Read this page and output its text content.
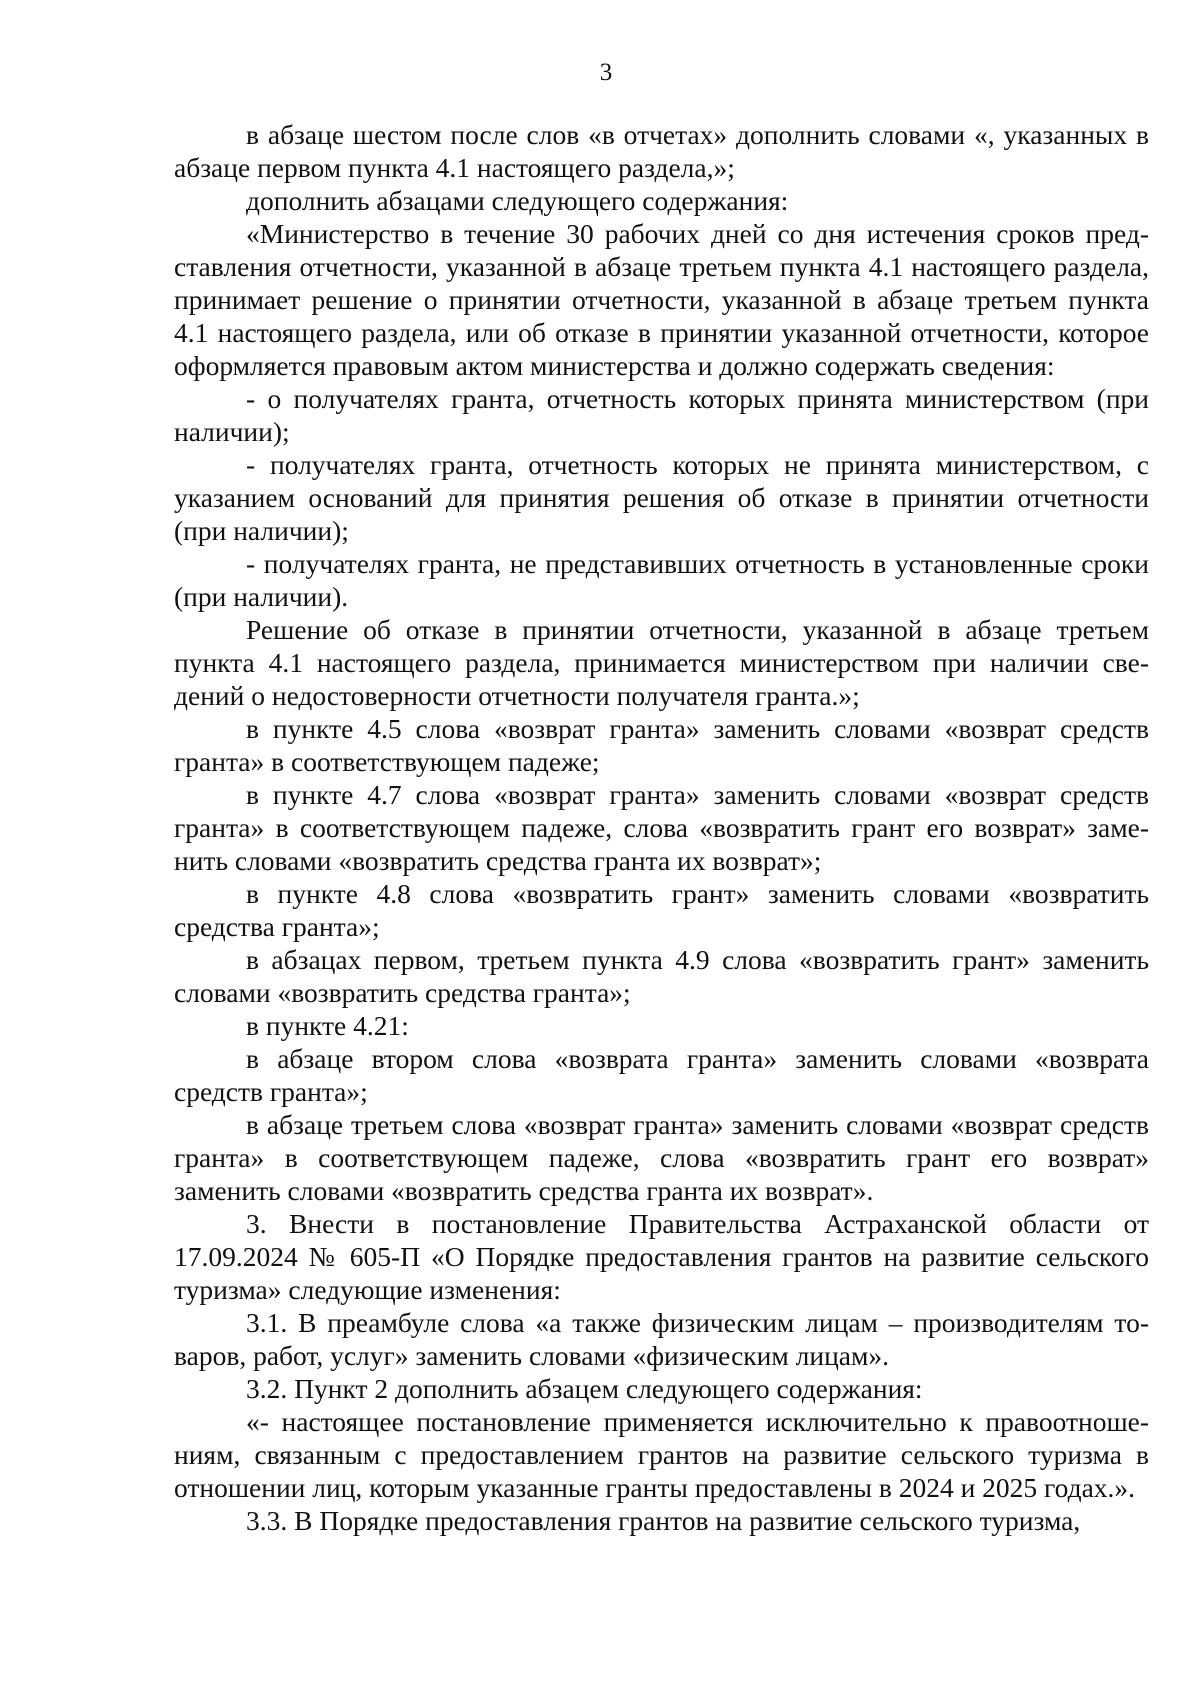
3

в абзаце шестом после слов «в отчетах» дополнить словами «, указанных в абзаце первом пункта 4.1 настоящего раздела,»;

дополнить абзацами следующего содержания:

«Министерство в течение 30 рабочих дней со дня истечения сроков представления отчетности, указанной в абзаце третьем пункта 4.1 настоящего раздела, принимает решение о принятии отчетности, указанной в абзаце третьем пункта 4.1 настоящего раздела, или об отказе в принятии указанной отчетности, которое оформляется правовым актом министерства и должно содержать сведения:

- о получателях гранта, отчетность которых принята министерством (при наличии);

- получателях гранта, отчетность которых не принята министерством, с указанием оснований для принятия решения об отказе в принятии отчетности (при наличии);

- получателях гранта, не представивших отчетность в установленные сроки (при наличии).

Решение об отказе в принятии отчетности, указанной в абзаце третьем пункта 4.1 настоящего раздела, принимается министерством при наличии сведений о недостоверности отчетности получателя гранта.»;

в пункте 4.5 слова «возврат гранта» заменить словами «возврат средств гранта» в соответствующем падеже;

в пункте 4.7 слова «возврат гранта» заменить словами «возврат средств гранта» в соответствующем падеже, слова «возвратить грант его возврат» заменить словами «возвратить средства гранта их возврат»;

в пункте 4.8 слова «возвратить грант» заменить словами «возвратить средства гранта»;

в абзацах первом, третьем пункта 4.9 слова «возвратить грант» заменить словами «возвратить средства гранта»;

в пункте 4.21:

в абзаце втором слова «возврата гранта» заменить словами «возврата средств гранта»;

в абзаце третьем слова «возврат гранта» заменить словами «возврат средств гранта» в соответствующем падеже, слова «возвратить грант его возврат» заменить словами «возвратить средства гранта их возврат».

3. Внести в постановление Правительства Астраханской области от 17.09.2024 № 605-П «О Порядке предоставления грантов на развитие сельского туризма» следующие изменения:

3.1. В преамбуле слова «а также физическим лицам – производителям товаров, работ, услуг» заменить словами «физическим лицам».

3.2. Пункт 2 дополнить абзацем следующего содержания:

«- настоящее постановление применяется исключительно к правоотношениям, связанным с предоставлением грантов на развитие сельского туризма в отношении лиц, которым указанные гранты предоставлены в 2024 и 2025 годах.».

3.3. В Порядке предоставления грантов на развитие сельского туризма,
